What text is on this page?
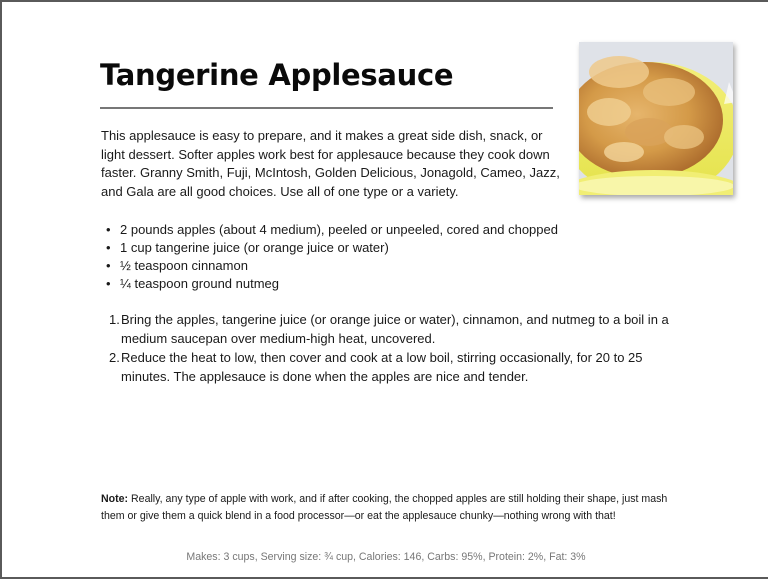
Tangerine Applesauce

This applesauce is easy to prepare, and it makes a great side dish, snack, or light dessert. Softer apples work best for applesauce because they cook down faster. Granny Smith, Fuji, McIntosh, Golden Delicious, Jonagold, Cameo, Jazz, and Gala are all good choices. Use all of one type or a variety.

• 2 pounds apples (about 4 medium), peeled or unpeeled, cored and chopped
• 1 cup tangerine juice (or orange juice or water)
• ½ teaspoon cinnamon
• ¼ teaspoon ground nutmeg
1. Bring the apples, tangerine juice (or orange juice or water), cinnamon, and nutmeg to a boil in a medium saucepan over medium-high heat, uncovered.
2. Reduce the heat to low, then cover and cook at a low boil, stirring occasionally, for 20 to 25 minutes. The applesauce is done when the apples are nice and tender.

Note: Really, any type of apple with work, and if after cooking, the chopped apples are still holding their shape, just mash them or give them a quick blend in a food processor—or eat the applesauce chunky—nothing wrong with that!

Makes: 3 cups, Serving size: ¾ cup, Calories: 146, Carbs: 95%, Protein: 2%, Fat: 3%
